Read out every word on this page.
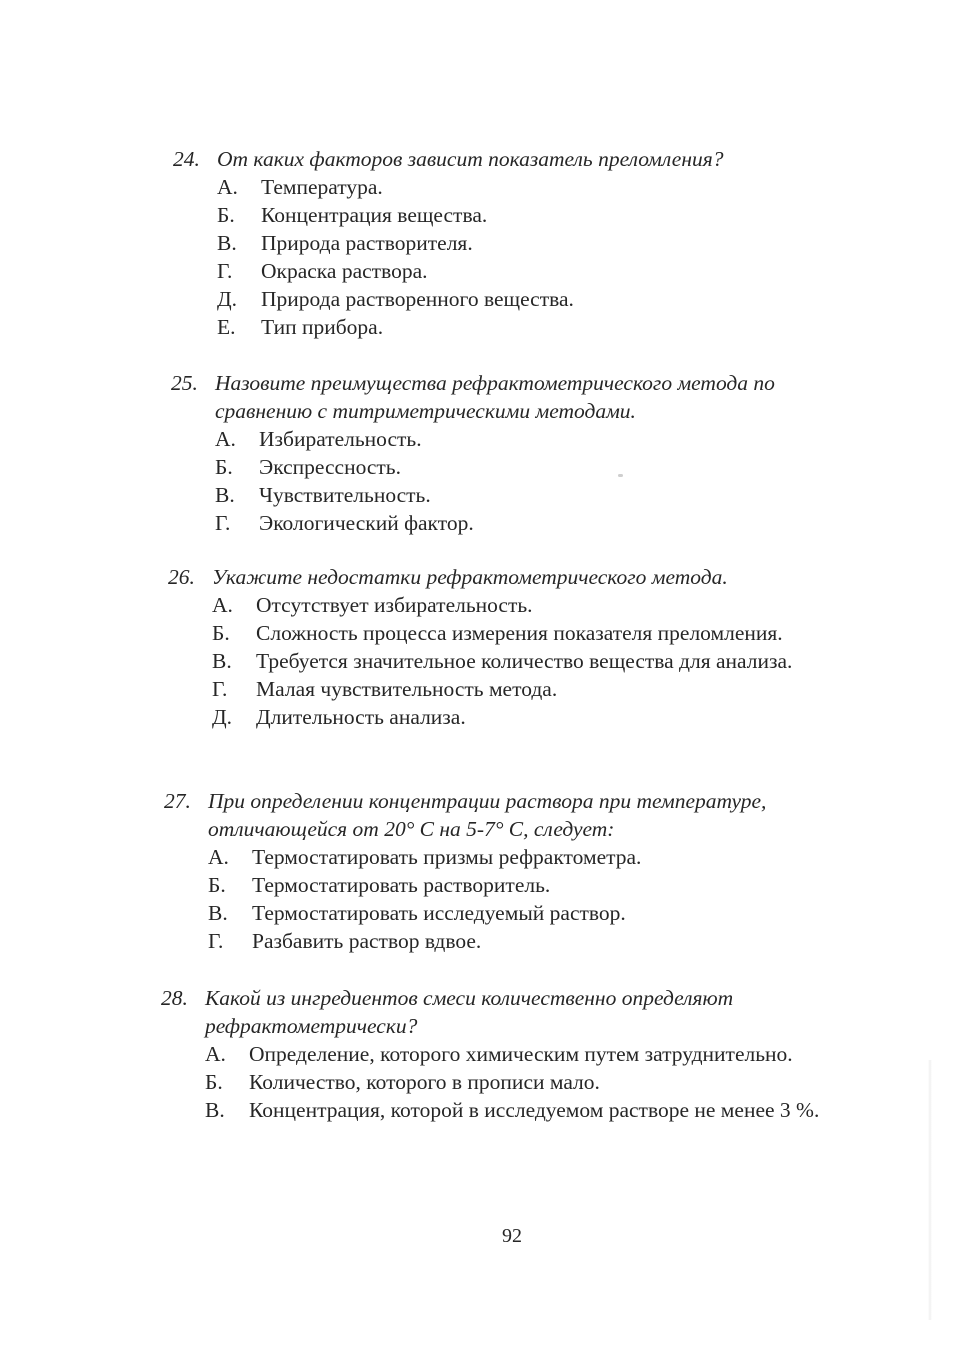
24. От каких факторов зависит показатель преломления?
А.	Температура.
Б.	Концентрация вещества.
В.	Природа растворителя.
Г.	Окраска раствора.
Д.	Природа растворенного вещества.
Е.	Тип прибора.
25. Назовите преимущества рефрактометрического метода по сравнению с титриметрическими методами.
А.	Избирательность.
Б.	Экспрессность.
В.	Чувствительность.
Г.	Экологический фактор.
26. Укажите недостатки рефрактометрического метода.
А.	Отсутствует избирательность.
Б.	Сложность процесса измерения показателя преломления.
В.	Требуется значительное количество вещества для анализа.
Г.	Малая чувствительность метода.
Д.	Длительность анализа.
27. При определении концентрации раствора при температуре, отличающейся от 20° С на 5-7° С, следует:
А.	Термостатировать призмы рефрактометра.
Б.	Термостатировать растворитель.
В.	Термостатировать исследуемый раствор.
Г.	Разбавить раствор вдвое.
28. Какой из ингредиентов смеси количественно определяют рефрактометрически?
А.	Определение, которого химическим путем затруднительно.
Б.	Количество, которого в прописи мало.
В.	Концентрация, которой в исследуемом растворе не менее 3 %.
92
